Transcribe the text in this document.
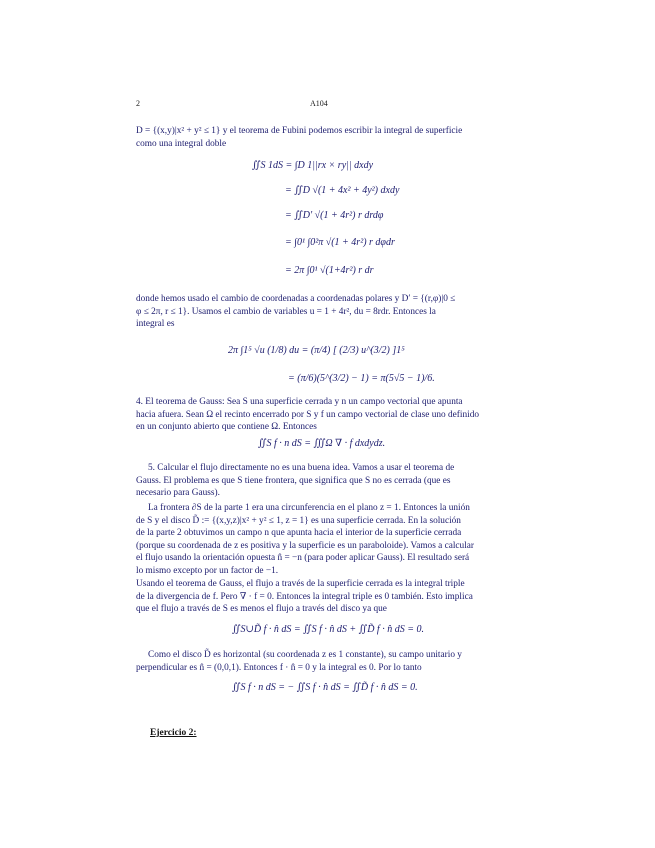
2	A104
D = {(x,y)|x² + y² ≤ 1} y el teorema de Fubini podemos escribir la integral de superficie
como una integral doble
∬S 1dS = ∫D 1||rx × ry|| dxdy
= ∬D √(1 + 4x² + 4y²) dxdy
= ∬D′ √(1 + 4r²) r drdφ
= ∫0¹ ∫0²π √(1 + 4r²) r dφdr
= 2π ∫0¹ √(1+4r²) r dr
donde hemos usado el cambio de coordenadas a coordenadas polares y D′ = {(r,φ)|0 ≤
φ ≤ 2π, r ≤ 1}. Usamos el cambio de variables u = 1 + 4r², du = 8rdr. Entonces la
integral es
2π ∫1⁵ √u (1/8) du = (π/4) [ (2/3) u^(3/2) ]1⁵
= (π/6)(5^(3/2) − 1) = π(5√5 − 1)/6.
4. El teorema de Gauss: Sea S una superficie cerrada y n un campo vectorial que apunta
hacia afuera. Sean Ω el recinto encerrado por S y f un campo vectorial de clase uno definido
en un conjunto abierto que contiene Ω. Entonces
∬S f · n dS = ∭Ω ∇ · f dxdydz.
5. Calcular el flujo directamente no es una buena idea. Vamos a usar el teorema de
Gauss. El problema es que S tiene frontera, que significa que S no es cerrada (que es
necesario para Gauss).
La frontera ∂S de la parte 1 era una circunferencia en el plano z = 1. Entonces la unión
de S y el disco D̃ := {(x,y,z)|x² + y² ≤ 1, z = 1} es una superficie cerrada. En la solución
de la parte 2 obtuvimos un campo n que apunta hacia el interior de la superficie cerrada
(porque su coordenada de z es positiva y la superficie es un paraboloide). Vamos a calcular
el flujo usando la orientación opuesta n̂ = −n (para poder aplicar Gauss). El resultado será
lo mismo excepto por un factor de −1.
Usando el teorema de Gauss, el flujo a través de la superficie cerrada es la integral triple
de la divergencia de f. Pero ∇ · f = 0. Entonces la integral triple es 0 también. Esto implica
que el flujo a través de S es menos el flujo a través del disco ya que
∬S∪D̃ f · n̂ dS = ∬S f · n̂ dS + ∬D̃ f · n̂ dS = 0.
Como el disco D̃ es horizontal (su coordenada z es 1 constante), su campo unitario y
perpendicular es n̂ = (0,0,1). Entonces f · n̂ = 0 y la integral es 0. Por lo tanto
∬S f · n dS = − ∬S f · n̂ dS = ∬D̃ f · n̂ dS = 0.
Ejercicio 2:
